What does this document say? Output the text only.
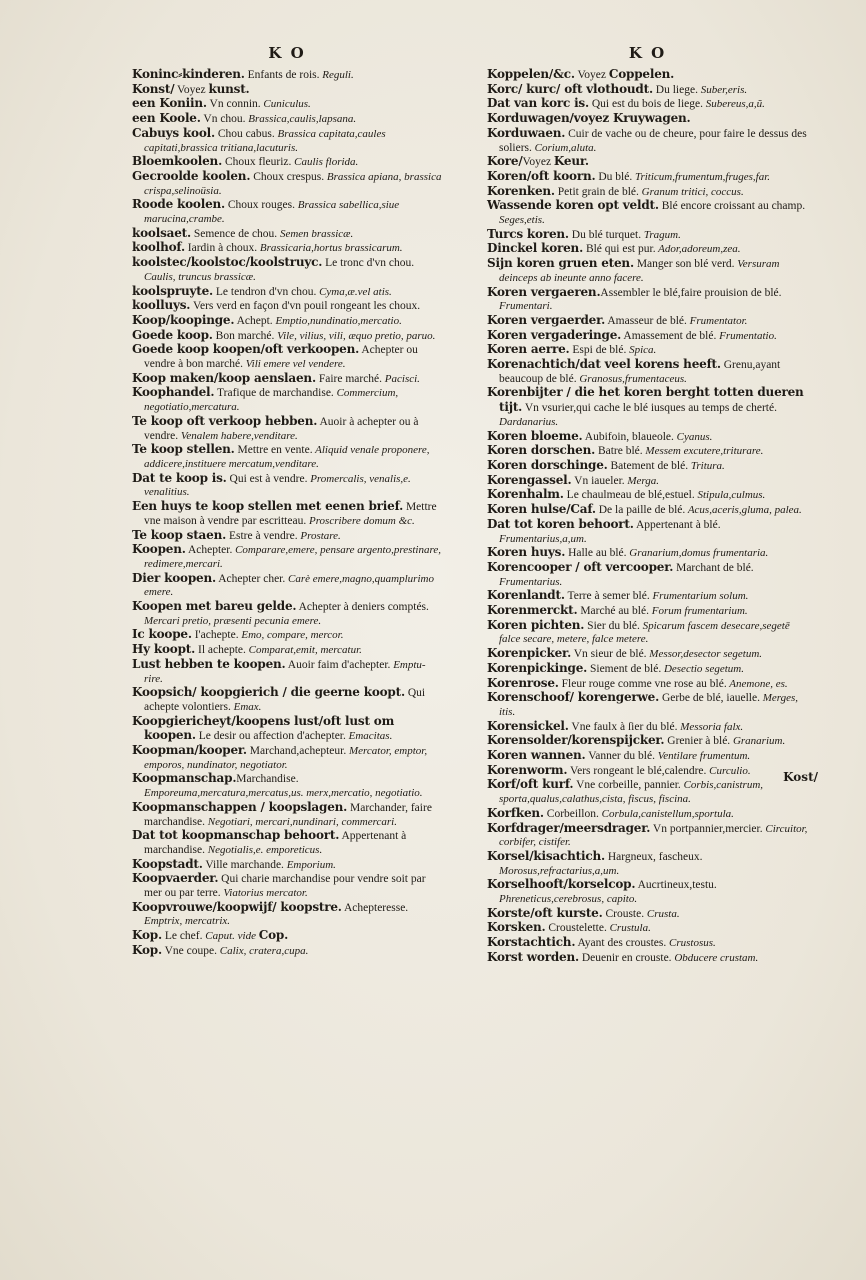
K O
Koninc⸗kinderen. Enfants de rois. Reguli.
Konst/ Voyez kunst.
een Koniin. Vn connin. Cuniculus.
een Koole. Vn chou. Brassica,caulis,lapsana.
Cabuys kool. Chou cabus. Brassica capitata,caules capitati,brassica tritiana,lacuturis.
Bloemkoolen. Choux fleuriz. Caulis florida.
Gecroolde koolen. Choux crespus. Brassica apiana, brassica crispa,selinoüsia.
Roode koolen. Choux rouges. Brassica sabellica,siue marucina,crambe.
koolsaet. Semence de chou. Semen brassicæ.
koolhof. Iardin à choux. Brassicaria,hortus brassicarum.
koolstec/koolstoc/koolstruyc. Le tronc d'vn chou. Caulis, truncus brassicæ.
koolspruyte. Le tendron d'vn chou. Cyma,æ.vel atis.
koolluys. Vers verd en façon d'vn pouil rongeant les choux.
Koop/koopinge. Achept. Emptio,nundinatio,mercatio.
Goede koop. Bon marché. Vile, vilius, vili, æquo pretio, paruo.
Goede koop koopen/oft verkoopen. Achepter ou vendre à bon marché. Vili emere vel vendere.
Koop maken/koop aenslaen. Faire marché. Pacisci.
Koophandel. Trafique de marchandise. Commercium, negotiatio,mercatura.
Te koop oft verkoop hebben. Auoir à achepter ou à vendre. Venalem habere,venditare.
Te koop stellen. Mettre en vente. Aliquid venale proponere, addicere,instituere mercatum,venditare.
Dat te koop is. Qui est à vendre. Promercalis, venalis,e. venalitius.
Een huys te koop stellen met eenen brief. Mettre vne maison à vendre par escritteau. Proscribere domum &c.
Te koop staen. Estre à vendre. Prostare.
Koopen. Achepter. Comparare,emere, pensare argento,prestinare, redimere,mercari.
Dier koopen. Achepter cher. Carè emere,magno,quamplurimo emere.
Koopen met bareu gelde. Achepter à deniers comptés. Mercari pretio, præsenti pecunia emere.
Ic koope. I'achepte. Emo, compare, mercor.
Hy koopt. Il achepte. Comparat,emit, mercatur.
Lust hebben te koopen. Auoir faim d'achepter. Emptu- rire.
Koopsich/ koopgierich / die geerne koopt. Qui achepte volontiers. Emax.
Koopgiericheyt/koopens lust/oft lust om koopen. Le desir ou affection d'achepter. Emacitas.
Koopman/kooper. Marchand,achepteur. Mercator, emptor, emporos, nundinator, negotiator.
Koopmanschap.Marchandise. Emporeuma,mercatura,mercatus,us. merx,mercatio, negotiatio.
Koopmanschappen / koopslagen. Marchander, faire marchandise. Negotiari, mercari,nundinari, commercari.
Dat tot koopmanschap behoort. Appertenant à marchandise. Negotialis,e. emporeticus.
Koopstadt. Ville marchande. Emporium.
Koopvaerder. Qui charie marchandise pour vendre soit par mer ou par terre. Viatorius mercator.
Koopvrouwe/koopwijf/ koopstre. Achepteresse. Emptrix, mercatrix.
Kop. Le chef. Caput. vide Cop.
Kop. Vne coupe. Calix, cratera,cupa.
K O
Koppelen/&c. Voyez Coppelen.
Korc/ kurc/ oft vlothoudt. Du liege. Suber,eris.
Dat van korc is. Qui est du bois de liege. Subereus,a,ũ.
Korduwagen/voyez Kruywagen.
Korduwaen. Cuir de vache ou de cheure, pour faire le dessus des soliers. Corium,aluta.
Kore/Voyez Keur.
Koren/oft koorn. Du blé. Triticum,frumentum,fruges,far.
Korenken. Petit grain de blé. Granum tritici, coccus.
Wassende koren opt veldt. Blé encore croissant au champ. Seges,etis.
Turcs koren. Du blé turquet. Tragum.
Dinckel koren. Blé qui est pur. Ador,adoreum,zea.
Sijn koren gruen eten. Manger son blé verd. Versuram deinceps ab ineunte anno facere.
Koren vergaeren.Assembler le blé,faire prouision de blé. Frumentari.
Koren vergaerder. Amasseur de blé. Frumentator.
Koren vergaderinge. Amassement de blé. Frumentatio.
Koren aerre. Espi de blé. Spica.
Korenachtich/dat veel korens heeft. Grenu,ayant beaucoup de blé. Granosus,frumentaceus.
Korenbijter / die het koren berght totten dueren tijt. Vn vsurier,qui cache le blé iusques au temps de cherté. Dardanarius.
Koren bloeme. Aubifoin, blaueole. Cyanus.
Koren dorschen. Batre blé. Messem excutere,triturare.
Koren dorschinge. Batement de blé. Tritura.
Korengassel. Vn iaueler. Merga.
Korenhalm. Le chaulmeau de blé,estuel. Stipula,culmus.
Koren hulse/Caf. De la paille de blé. Acus,aceris,gluma, palea.
Dat tot koren behoort. Appertenant à blé. Frumentarius,a,um.
Koren huys. Halle au blé. Granarium,domus frumentaria.
Korencooper / oft vercooper. Marchant de blé. Frumentarius.
Korenlandt. Terre à semer blé. Frumentarium solum.
Korenmerckt. Marché au blé. Forum frumentarium.
Koren pichten. Sier du blé. Spicarum fascem desecare,segetē falce secare, metere, falce metere.
Korenpicker. Vn sieur de blé. Messor,desector segetum.
Korenpickinge. Siement de blé. Desectio segetum.
Korenrose. Fleur rouge comme vne rose au blé. Anemone, es.
Korenschoof/ korengerwe. Gerbe de blé, iauelle. Merges, itis.
Korensickel. Vne faulx à ſier du blé. Messoria falx.
Korensolder/korenspijcker. Grenier à blé. Granarium.
Koren wannen. Vanner du blé. Ventilare frumentum.
Korenworm. Vers rongeant le blé,calendre. Curculio.
Korf/oft kurf. Vne corbeille, pannier. Corbis,canistrum, sporta,qualus,calathus,cista, fiscus, fiscina.
Korfken. Corbeillon. Corbula,canistellum,sportula.
Korfdrager/meersdrager. Vn portpannier,mercier. Circuitor, corbifer, cistifer.
Korsel/kisachtich. Hargneux, fascheux. Morosus,refractarius,a,um.
Korselhooft/korselcop. Aucrtineux,testu. Phreneticus,cerebrosus, capito.
Korste/oft kurste. Crouste. Crusta.
Korsken. Croustelette. Crustula.
Korstachtich. Ayant des croustes. Crustosus.
Korst worden. Deuenir en crouste. Obducere crustam.
Kost/
